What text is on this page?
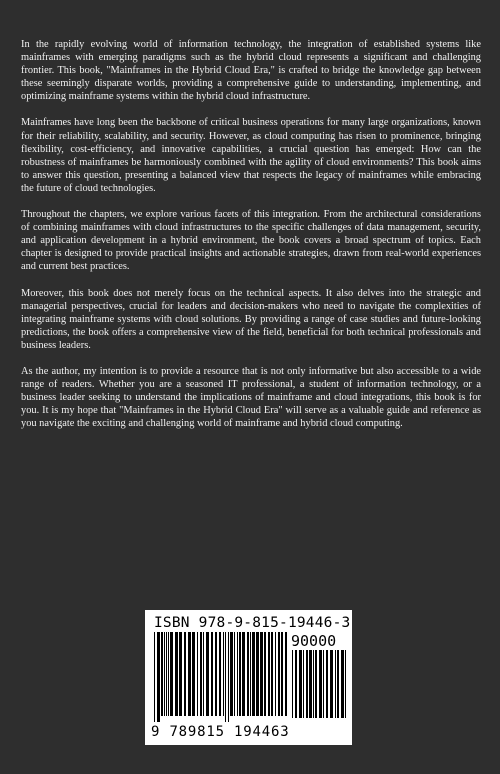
In the rapidly evolving world of information technology, the integration of established systems like mainframes with emerging paradigms such as the hybrid cloud represents a significant and challenging frontier. This book, "Mainframes in the Hybrid Cloud Era," is crafted to bridge the knowledge gap between these seemingly disparate worlds, providing a comprehensive guide to understanding, implementing, and optimizing mainframe systems within the hybrid cloud infrastructure.

Mainframes have long been the backbone of critical business operations for many large organizations, known for their reliability, scalability, and security. However, as cloud computing has risen to prominence, bringing flexibility, cost-efficiency, and innovative capabilities, a crucial question has emerged: How can the robustness of mainframes be harmoniously combined with the agility of cloud environments? This book aims to answer this question, presenting a balanced view that respects the legacy of mainframes while embracing the future of cloud technologies.

Throughout the chapters, we explore various facets of this integration. From the architectural considerations of combining mainframes with cloud infrastructures to the specific challenges of data management, security, and application development in a hybrid environment, the book covers a broad spectrum of topics. Each chapter is designed to provide practical insights and actionable strategies, drawn from real-world experiences and current best practices.

Moreover, this book does not merely focus on the technical aspects. It also delves into the strategic and managerial perspectives, crucial for leaders and decision-makers who need to navigate the complexities of integrating mainframe systems with cloud solutions. By providing a range of case studies and future-looking predictions, the book offers a comprehensive view of the field, beneficial for both technical professionals and business leaders.

As the author, my intention is to provide a resource that is not only informative but also accessible to a wide range of readers. Whether you are a seasoned IT professional, a student of information technology, or a business leader seeking to understand the implications of mainframe and cloud integrations, this book is for you. It is my hope that "Mainframes in the Hybrid Cloud Era" will serve as a valuable guide and reference as you navigate the exciting and challenging world of mainframe and hybrid cloud computing.

ISBN 978-9-815-19446-3
90000
9 789815 194463
